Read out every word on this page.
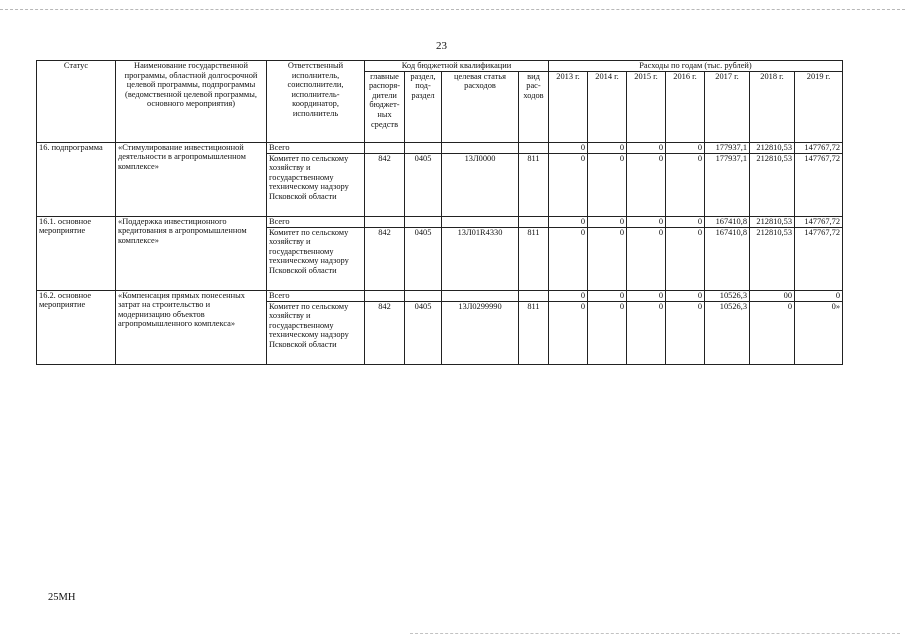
23
Статус	Наименование государственной программы, областной долгосрочной целевой программы, подпрограммы (ведомственной целевой программы, основного мероприятия)	Ответственный исполнитель, соисполнители, исполнитель-координатор, исполнитель	Код бюджетной квалификации				Расходы по годам (тыс. рублей)						
			главные распоря-дители бюджет-ных средств	раздел, под-раздел	целевая статья расходов	вид рас-ходов	2013 г.	2014 г.	2015 г.	2016 г.	2017 г.	2018 г.	2019 г.
16. подпрограмма	«Стимулирование инвестиционной деятельности в агропромышленном комплексе»	Всего					0	0	0	0	177937,1	212810,53	147767,72
		Комитет по сельскому хозяйству и государственному техническому надзору Псковской области	842	0405	13Л0000	811	0	0	0	0	177937,1	212810,53	147767,72
16.1. основное мероприятие	«Поддержка инвестиционного кредитования в агропромышленном комплексе»	Всего					0	0	0	0	167410,8	212810,53	147767,72
		Комитет по сельскому хозяйству и государственному техническому надзору Псковской области	842	0405	13Л01R4330	811	0	0	0	0	167410,8	212810,53	147767,72
16.2. основное мероприятие	«Компенсация прямых понесенных затрат на строительство и модернизацию объектов агропромышленного комплекса»	Всего					0	0	0	0	10526,3	00	0
		Комитет по сельскому хозяйству и государственному техническому надзору Псковской области	842	0405	13Л0299990	811	0	0	0	0	10526,3	0	0»
25МН
